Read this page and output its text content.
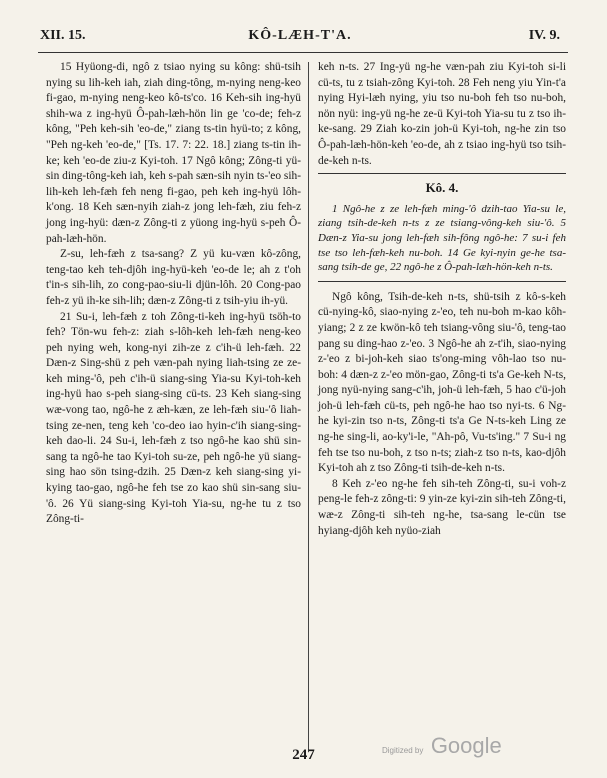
XII. 15.	KÔ-LÆH-T'A.	IV. 9.

15 Hyüong-di, ngô z tsiao nying su kông: shü-tsih nying su lih-keh iah, ziah ding-tông, m-nying neng-keo fi-gao, m-nying neng-keo kô-ts'co. 16 Keh-sih ing-hyü shih-wa z ing-hyü Ô-pah-læh-hön lin ge 'co-de; feh-z kông, "Peh keh-sih 'eo-de," ziang ts-tin hyü-to; z kông, "Peh ng-keh 'eo-de," [Ts. 17. 7: 22. 18.] ziang ts-tin ih-ke; keh 'eo-de ziu-z Kyi-toh. 17 Ngô kông; Zông-ti yü-sin ding-tông-keh iah, keh s-pah sæn-sih nyin ts-'eo sih-lih-keh leh-fæh feh neng fi-gao, peh keh ing-hyü lôh-k'ong. 18 Keh sæn-nyih ziah-z jong leh-fæh, ziu feh-z jong ing-hyü: dæn-z Zông-ti z yüong ing-hyü s-peh Ô-pah-læh-hön.

Z-su, leh-fæh z tsa-sang? Z yü ku-væn kô-zông, teng-tao keh teh-djôh ing-hyü-keh 'eo-de le; ah z t'oh t'in-s sih-lih, zo cong-pao-siu-li djün-lôh. 20 Cong-pao feh-z yü ih-ke sih-lih; dæn-z Zông-ti z tsih-yiu ih-yü.

21 Su-i, leh-fæh z toh Zông-ti-keh ing-hyü tsöh-to feh? Tön-wu feh-z: ziah s-lôh-keh leh-fæh neng-keo peh nying weh, kong-nyi zih-ze z c'ih-ü leh-fæh. 22 Dæn-z Sing-shü z peh væn-pah nying liah-tsing ze ze-keh ming-'ô, peh c'ih-ü siang-sing Yia-su Kyi-toh-keh ing-hyü hao s-peh siang-sing cü-ts. 23 Keh siang-sing wæ-vong tao, ngô-he z æh-kæn, ze leh-fæh siu-'ô liah-tsing ze-nen, teng keh 'co-deo iao hyin-c'ih siang-sing-keh dao-li. 24 Su-i, leh-fæh z tso ngô-he kao shü sin-sang ta ngô-he tao Kyi-toh su-ze, peh ngô-he yü siang-sing hao sön tsing-dzih. 25 Dæn-z keh siang-sing yi-kying tao-gao, ngô-he feh tse zo kao shü sin-sang siu-'ô. 26 Yü siang-sing Kyi-toh Yia-su, ng-he tu z tso Zông-ti-

keh n-ts. 27 Ing-yü ng-he væn-pah ziu Kyi-toh si-li cü-ts, tu z tsiah-zông Kyi-toh. 28 Feh neng yiu Yin-t'a nying Hyi-læh nying, yiu tso nu-boh feh tso nu-boh, nön nyü: ing-yü ng-he ze-ü Kyi-toh Yia-su tu z tso ih-ke-sang. 29 Ziah ko-zin joh-ü Kyi-toh, ng-he zin tso Ô-pah-læh-hön-keh 'eo-de, ah z tsiao ing-hyü tso tsih-de-keh n-ts.

Kô. 4.

1 Ngô-he z ze leh-fæh ming-'ô dzih-tao Yia-su le, ziang tsih-de-keh n-ts z ze tsiang-vông-keh siu-'ô. 5 Dæn-z Yia-su jong leh-fæh sih-fông ngô-he: 7 su-i feh tse tso leh-fæh-keh nu-boh. 14 Ge kyi-nyin ge-he tsa-sang tsih-de ge, 22 ngô-he z Ô-pah-læh-hön-keh n-ts.

Ngô kông, Tsih-de-keh n-ts, shü-tsih z kô-s-keh cü-nying-kô, siao-nying z-'eo, teh nu-boh m-kao kôh-yiang; 2 z ze kwön-kô teh tsiang-vông siu-'ô, teng-tao pang su ding-hao z-'eo. 3 Ngô-he ah z-t'ih, siao-nying z-'eo z bi-joh-keh siao ts'ong-ming vôh-lao tso nu-boh: 4 dæn-z z-'eo mön-gao, Zông-ti ts'a Ge-keh N-ts, jong nyü-nying sang-c'ih, joh-ü leh-fæh, 5 hao c'ü-joh joh-ü leh-fæh cü-ts, peh ngô-he hao tso nyi-ts. 6 Ng-he kyi-zin tso n-ts, Zông-ti ts'a Ge N-ts-keh Ling ze ng-he sing-li, ao-ky'i-le, "Ah-pô, Vu-ts'ing." 7 Su-i ng feh tse tso nu-boh, z tso n-ts; ziah-z tso n-ts, kao-djôh Kyi-toh ah z tso Zông-ti tsih-de-keh n-ts.

8 Keh z-'eo ng-he feh sih-teh Zông-ti, su-i voh-z peng-le feh-z zông-ti: 9 yin-ze kyi-zin sih-teh Zông-ti, wæ-z Zông-ti sih-teh ng-he, tsa-sang le-cün tse hyiang-djôh keh nyüo-ziah

247	Digitized by Google
